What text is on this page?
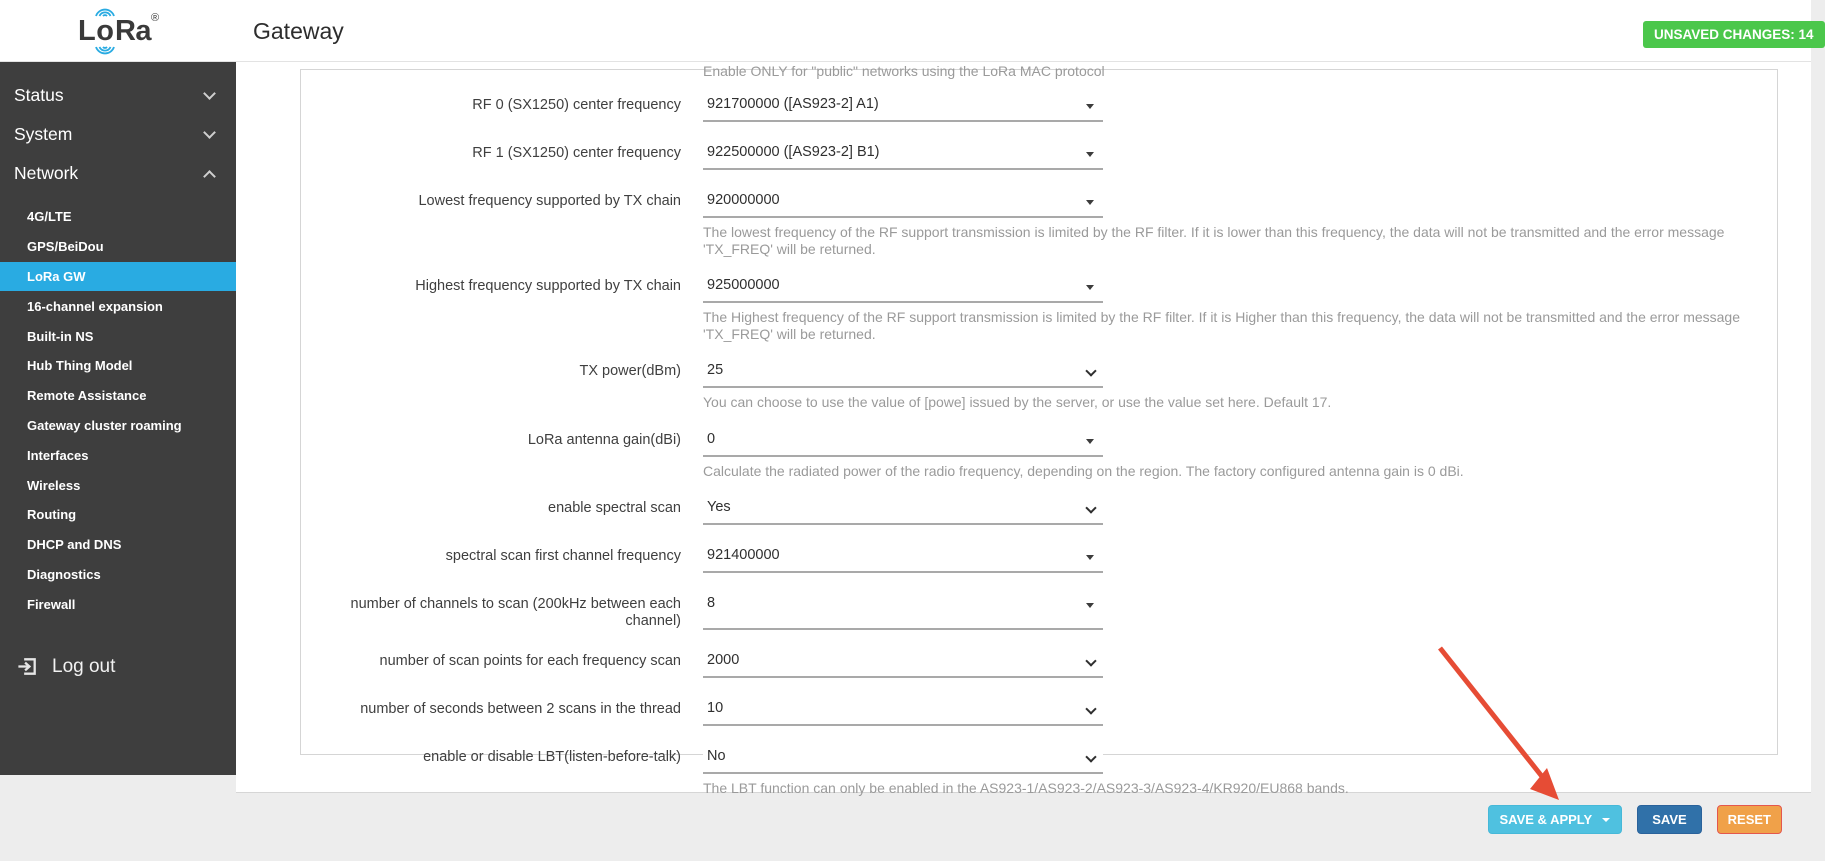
L o Ra ®	Gateway	UNSAVED CHANGES: 14
Status
System
Network
4G/LTE
GPS/BeiDou
LoRa GW
16-channel expansion
Built-in NS
Hub Thing Model
Remote Assistance
Gateway cluster roaming
Interfaces
Wireless
Routing
DHCP and DNS
Diagnostics
Firewall
Log out
Enable ONLY for "public" networks using the LoRa MAC protocol
RF 0 (SX1250) center frequency 921700000 ([AS923-2] A1)
RF 1 (SX1250) center frequency 922500000 ([AS923-2] B1)
Lowest frequency supported by TX chain 920000000
The lowest frequency of the RF support transmission is limited by the RF filter. If it is lower than this frequency, the data will not be transmitted and the error message 'TX_FREQ' will be returned.
Highest frequency supported by TX chain 925000000
The Highest frequency of the RF support transmission is limited by the RF filter. If it is Higher than this frequency, the data will not be transmitted and the error message 'TX_FREQ' will be returned.
TX power(dBm) 25
You can choose to use the value of [powe] issued by the server, or use the value set here. Default 17.
LoRa antenna gain(dBi) 0
Calculate the radiated power of the radio frequency, depending on the region. The factory configured antenna gain is 0 dBi.
enable spectral scan Yes
spectral scan first channel frequency 921400000
number of channels to scan (200kHz between each channel)
8
number of scan points for each frequency scan 2000
number of seconds between 2 scans in the thread 10
enable or disable LBT(listen-before-talk) No
The LBT function can only be enabled in the AS923-1/AS923-2/AS923-3/AS923-4/KR920/EU868 bands.
SAVE & APPLY	SAVE	RESET
